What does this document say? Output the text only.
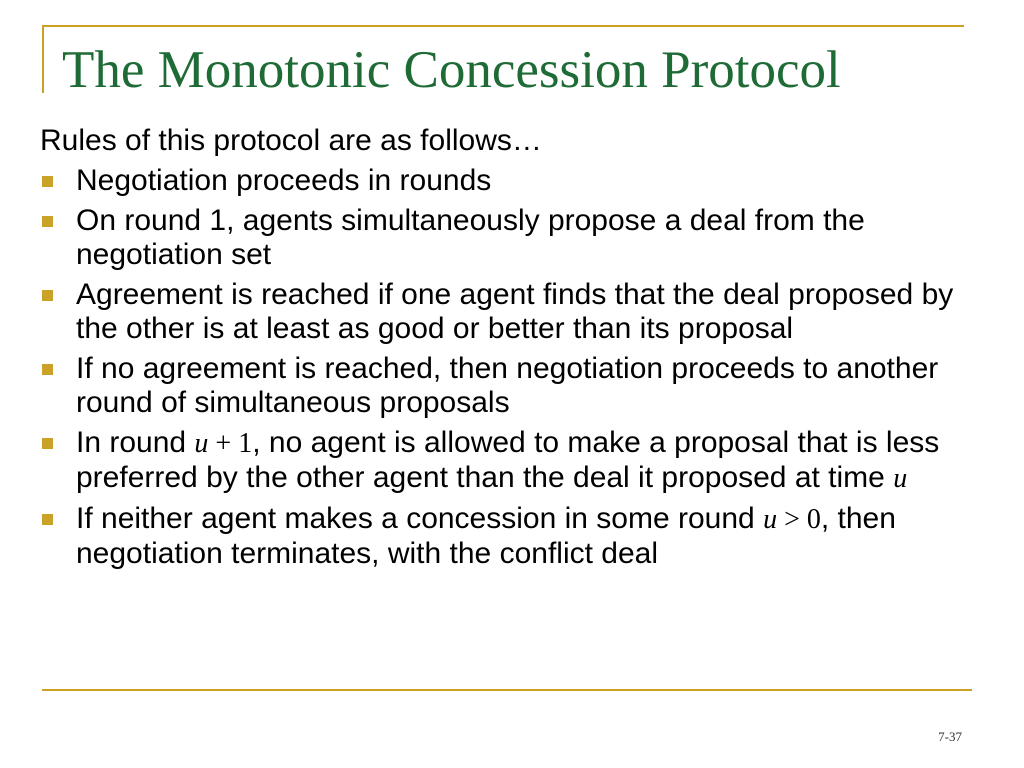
The Monotonic Concession Protocol

Rules of this protocol are as follows…

Negotiation proceeds in rounds
On round 1, agents simultaneously propose a deal from the negotiation set
Agreement is reached if one agent finds that the deal proposed by the other is at least as good or better than its proposal
If no agreement is reached, then negotiation proceeds to another round of simultaneous proposals
In round u + 1, no agent is allowed to make a proposal that is less preferred by the other agent than the deal it proposed at time u
If neither agent makes a concession in some round u > 0, then negotiation terminates, with the conflict deal
7-37
